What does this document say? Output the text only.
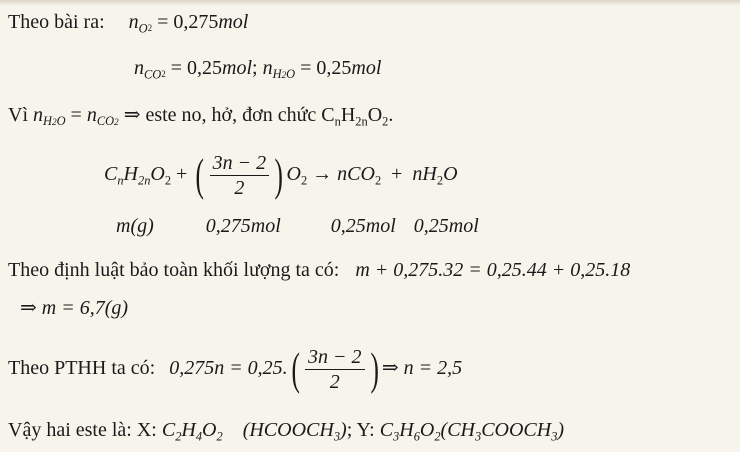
Theo bài ra: $n_{O2} = 0,275mol$
$n_{CO2} = 0,25mol$; $n_{H2O} = 0,25mol$
Vì $n_{H2O} = n_{CO2}$ ⇒ este no, hở, đơn chức $C_nH_{2n}O_2$.
$C_nH_{2n}O_2$ + ( $\frac{3n - 2}{2}$ ) $O_2 \to nCO_2 + nH_2O$
m(g)	0,275mol	0,25mol 0,25mol
Theo định luật bảo toàn khối lượng ta có: m + 0,275.32 = 0,25.44 + 0,25.18
⇒ m = 6,7(g)
Theo PTHH ta có: $0,275n = 0,25.( \frac{3n - 2}{2}$ ) ⇒ n = 2,5
Vậy hai este là: X: $C_2H_4O_2$ $(HCOOCH_3)$; Y: $C_3H_6O_2(CH_3COOCH_3)$
